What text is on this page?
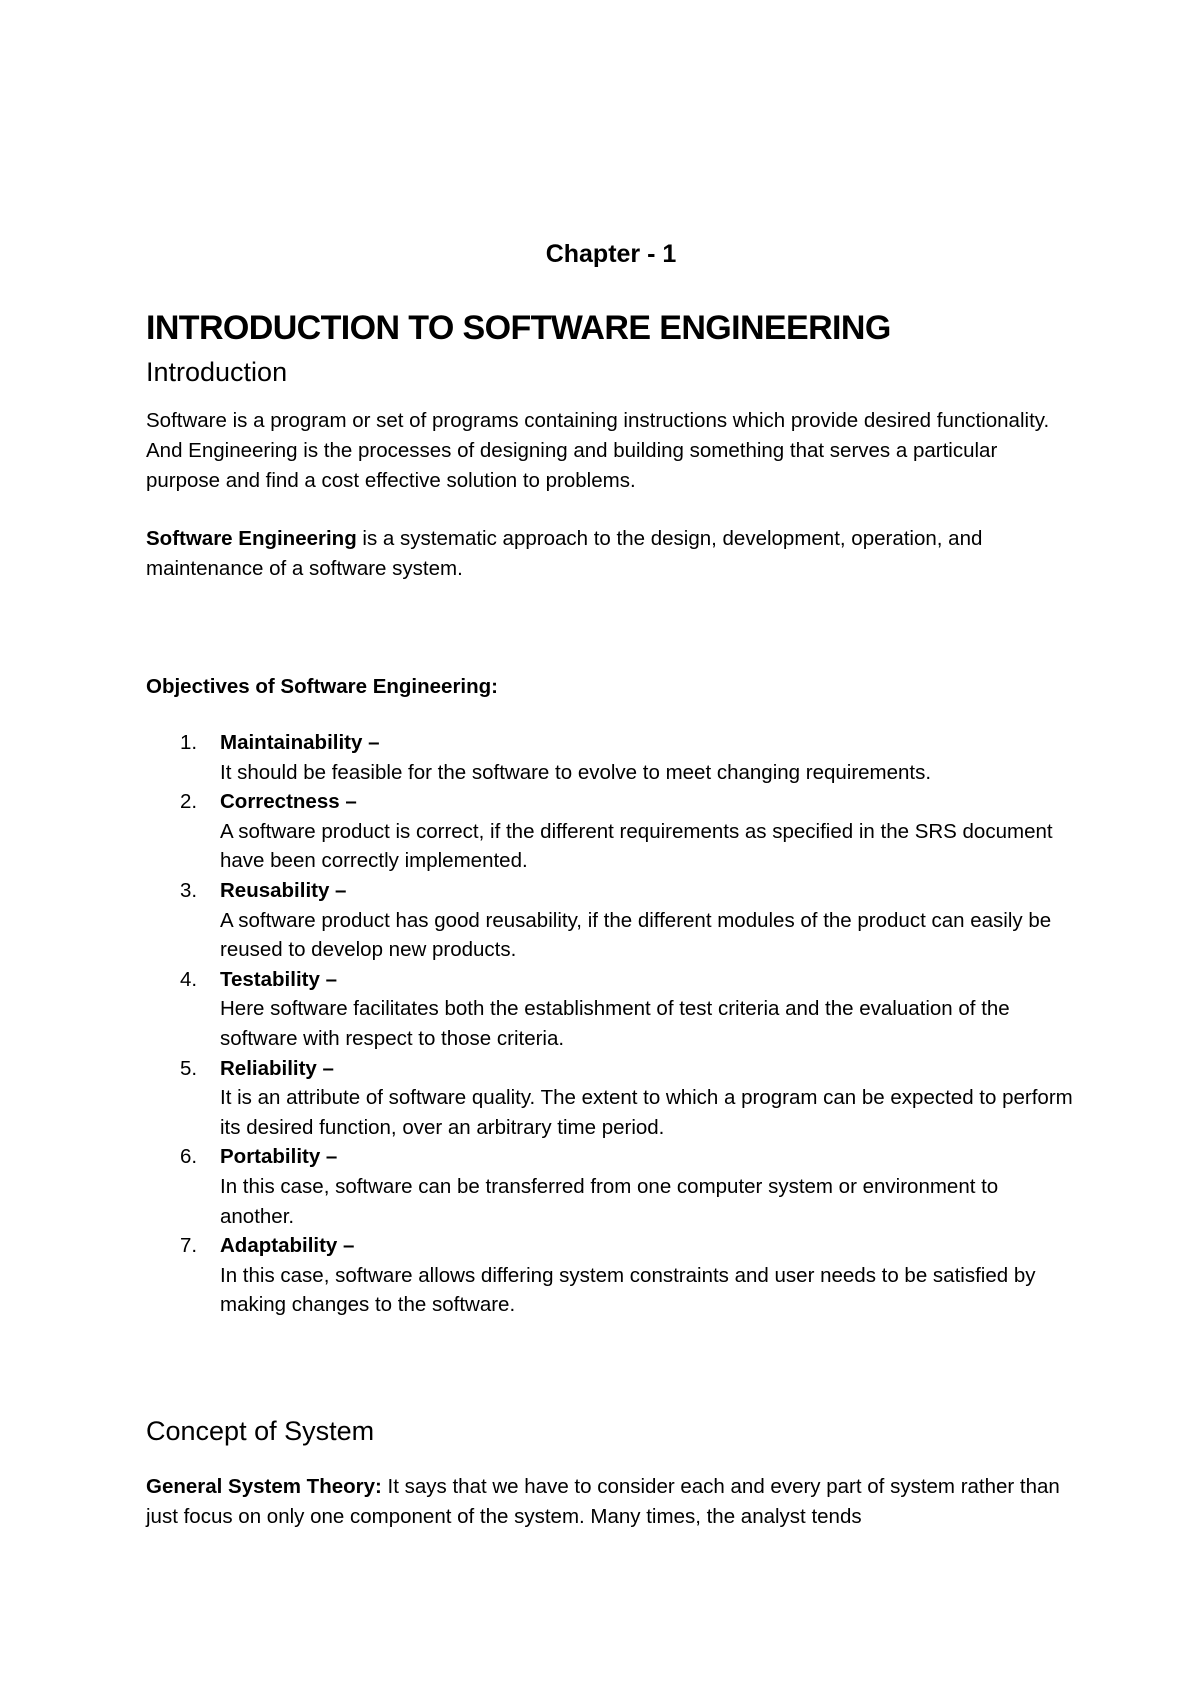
Chapter - 1
INTRODUCTION TO SOFTWARE ENGINEERING
Introduction

Software is a program or set of programs containing instructions which provide desired functionality. And Engineering is the processes of designing and building something that serves a particular purpose and find a cost effective solution to problems.

Software Engineering is a systematic approach to the design, development, operation, and maintenance of a software system.

Objectives of Software Engineering:
1. Maintainability –
It should be feasible for the software to evolve to meet changing requirements.
2. Correctness –
A software product is correct, if the different requirements as specified in the SRS document have been correctly implemented.
3. Reusability –
A software product has good reusability, if the different modules of the product can easily be reused to develop new products.
4. Testability –
Here software facilitates both the establishment of test criteria and the evaluation of the software with respect to those criteria.
5. Reliability –
It is an attribute of software quality. The extent to which a program can be expected to perform its desired function, over an arbitrary time period.
6. Portability –
In this case, software can be transferred from one computer system or environment to another.
7. Adaptability –
In this case, software allows differing system constraints and user needs to be satisfied by making changes to the software.
Concept of System

General System Theory: It says that we have to consider each and every part of system rather than just focus on only one component of the system. Many times, the analyst tends
